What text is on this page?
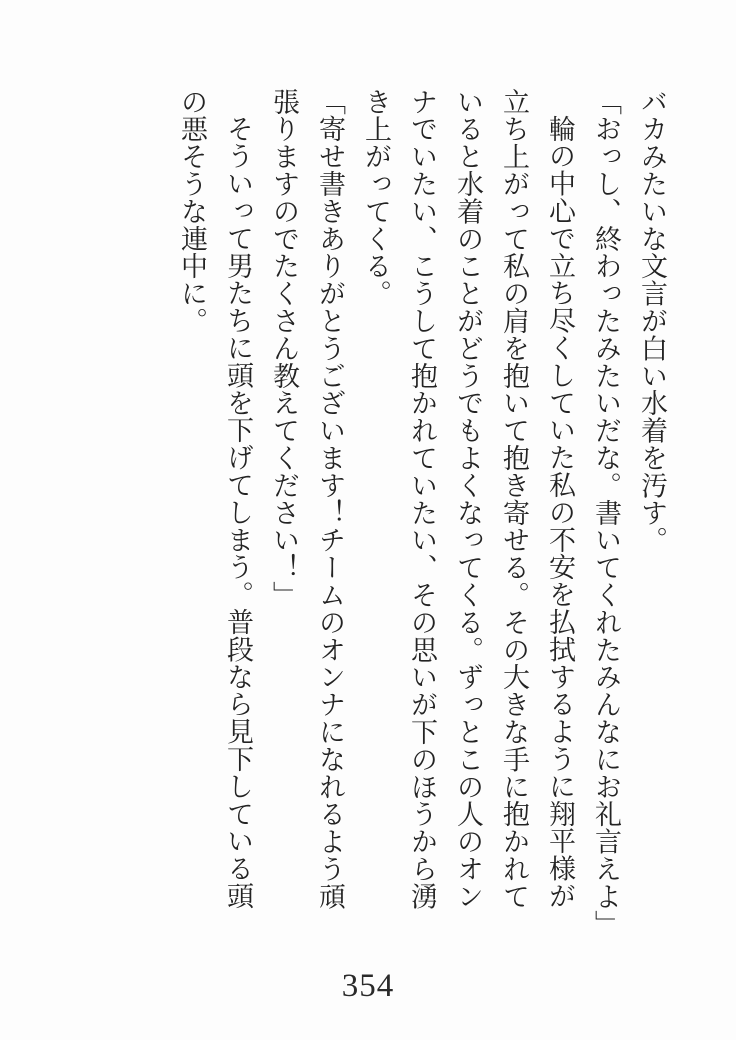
バカみたいな文言が白い水着を汚す。

「おっし、終わったみたいだな。書いてくれたみんなにお礼言えよ」

輪の中心で立ち尽くしていた私の不安を払拭するように翔平様が立ち上がって私の肩を抱いて抱き寄せる。その大きな手に抱かれていると水着のことがどうでもよくなってくる。ずっとこの人のオンナでいたい、こうして抱かれていたい、その思いが下のほうから湧き上がってくる。

「寄せ書きありがとうございます！チームのオンナになれるよう頑張りますのでたくさん教えてください！」

そういって男たちに頭を下げてしまう。普段なら見下している頭の悪そうな連中に。

354
